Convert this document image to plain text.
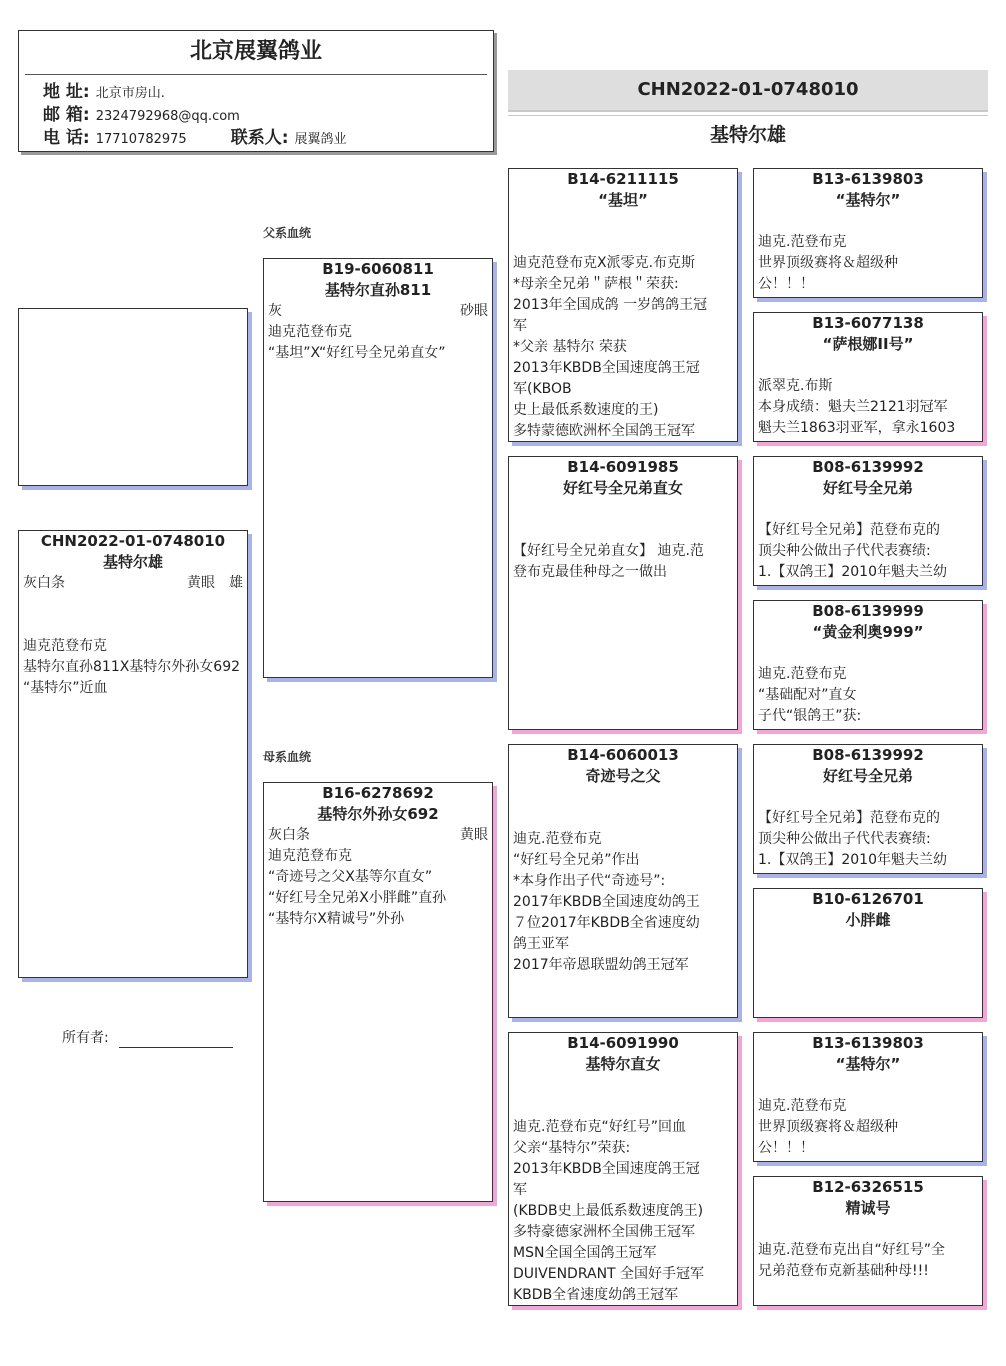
北京展翼鸽业
地 址: 北京市房山.
邮 箱: 2324792968@qq.com
电 话: 17710782975	联系人: 展翼鸽业
CHN2022-01-0748010
基特尔雄
CHN2022-01-0748010
基特尔雄
灰白条	黄眼　雄
迪克范登布克
基特尔直孙811X基特尔外孙女692
“基特尔”近血
所有者:
父系血统
母系血统
B19-6060811
基特尔直孙811
灰	砂眼
迪克范登布克
“基坦”X“好红号全兄弟直女”
B16-6278692
基特尔外孙女692
灰白条	黄眼
迪克范登布克
“奇迹号之父X基等尔直女”
“好红号全兄弟X小胖雌”直孙
“基特尔X精诚号”外孙
B14-6211115
“基坦”
迪克范登布克X派零克.布克斯
*母亲全兄弟＂萨根＂荣获:
2013年全国成鸽 一岁鸽鸽王冠
军
*父亲 基特尔 荣获
2013年KBDB全国速度鸽王冠
军(KBOB
史上最低系数速度的王)
多特蒙德欧洲杯全国鸽王冠军
B14-6091985
好红号全兄弟直女
【好红号全兄弟直女】 迪克.范
登布克最佳种母之一做出
B14-6060013
奇迹号之父
迪克.范登布克
“好红号全兄弟”作出
*本身作出子代“奇迹号”:
2017年KBDB全国速度幼鸽王
７位2017年KBDB全省速度幼
鸽王亚军
2017年帝恩联盟幼鸽王冠军
B14-6091990
基特尔直女
迪克.范登布克“好红号”回血
父亲“基特尔”荣获:
2013年KBDB全国速度鸽王冠
军
(KBDB史上最低系数速度鸽王)
多特豪德家洲杯全国佛王冠军
MSN全国全国鸽王冠军
DUIVENDRANT 全国好手冠军
KBDB全省速度幼鸽王冠军
B13-6139803
“基特尔”
迪克.范登布克
世界顶级赛将＆超级种
公！！！
B13-6077138
“萨根娜II号”
派翠克.布斯
本身成绩：魁夫兰2121羽冠军
魁夫兰1863羽亚军，拿永1603
B08-6139992
好红号全兄弟
【好红号全兄弟】范登布克的
顶尖种公做出子代代表赛绩:
1.【双鸽王】2010年魁夫兰幼
B08-6139999
“黄金利奥999”
迪克.范登布克
“基础配对”直女
子代“银鸽王”获:
B08-6139992
好红号全兄弟
【好红号全兄弟】范登布克的
顶尖种公做出子代代表赛绩:
1.【双鸽王】2010年魁夫兰幼
B10-6126701
小胖雌
B13-6139803
“基特尔”
迪克.范登布克
世界顶级赛将＆超级种
公！！！
B12-6326515
精诚号
迪克.范登布克出自“好红号”全
兄弟范登布克新基础种母!!!
